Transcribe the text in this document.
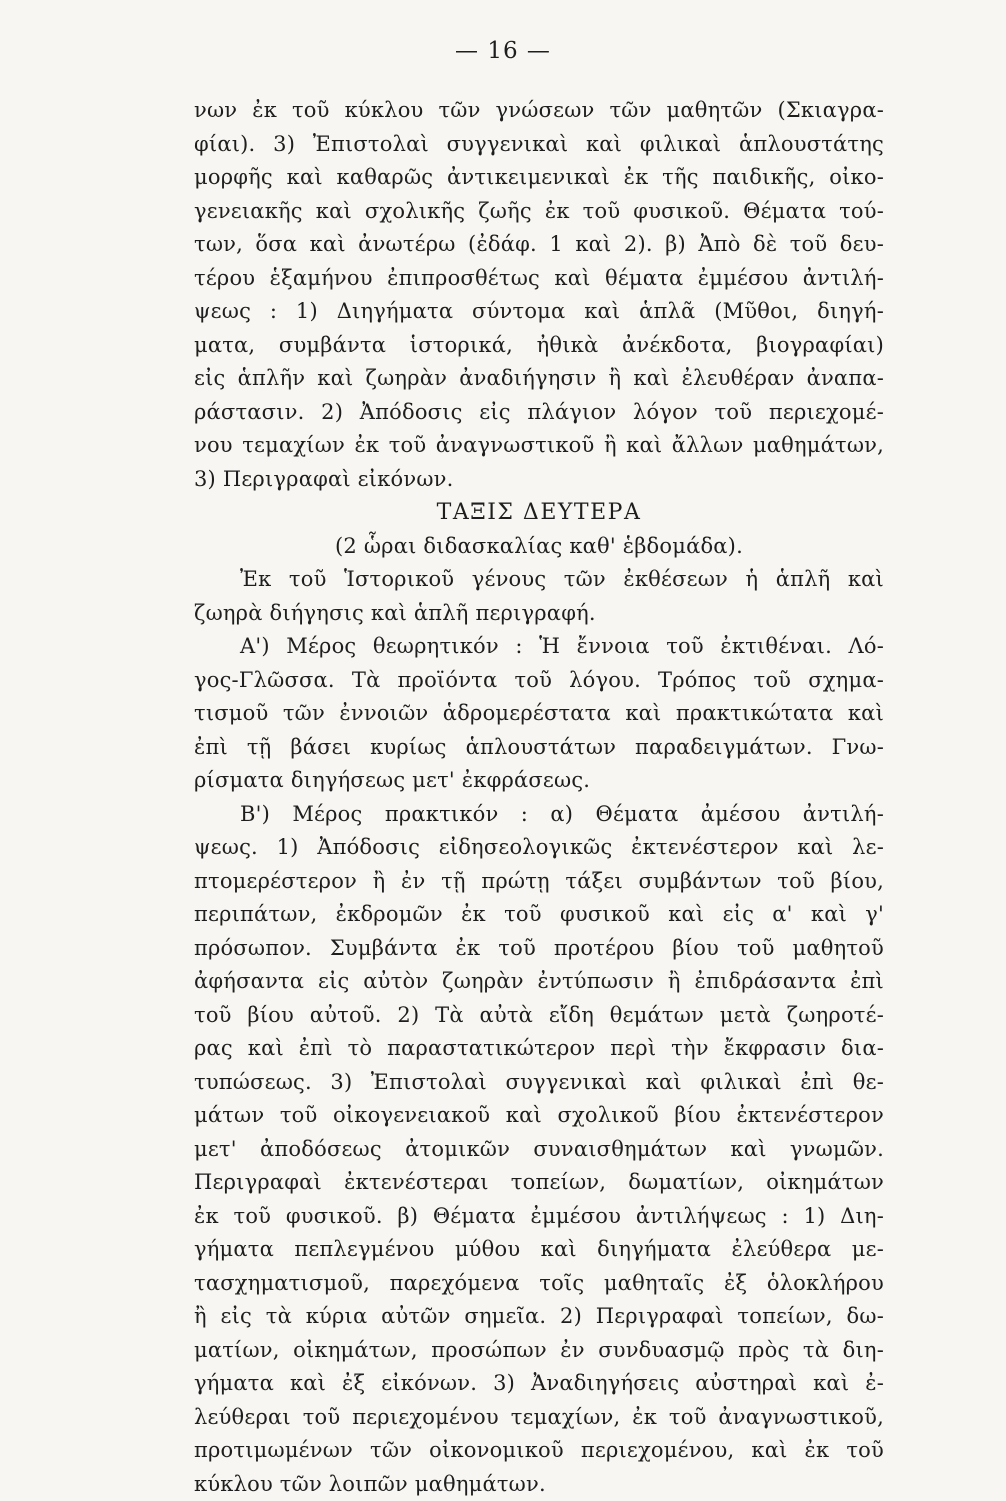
— 16 —
νων ἐκ τοῦ κύκλου τῶν γνώσεων τῶν μαθητῶν (Σκιαγρα-
φίαι). 3) Ἐπιστολαὶ συγγενικαὶ καὶ φιλικαὶ ἁπλουστάτης
μορφῆς καὶ καθαρῶς ἀντικειμενικαὶ ἐκ τῆς παιδικῆς, οἰκο-
γενειακῆς καὶ σχολικῆς ζωῆς ἐκ τοῦ φυσικοῦ. Θέματα τού-
των, ὅσα καὶ ἀνωτέρω (ἐδάφ. 1 καὶ 2). β) Ἀπὸ δὲ τοῦ δευ-
τέρου ἑξαμήνου ἐπιπροσθέτως καὶ θέματα ἐμμέσου ἀντιλή-
ψεως : 1) Διηγήματα σύντομα καὶ ἁπλᾶ (Μῦθοι, διηγή-
ματα, συμβάντα ἱστορικά, ἠθικὰ ἀνέκδοτα, βιογραφίαι)
εἰς ἁπλῆν καὶ ζωηρὰν ἀναδιήγησιν ἢ καὶ ἐλευθέραν ἀναπα-
ράστασιν. 2) Ἀπόδοσις εἰς πλάγιον λόγον τοῦ περιεχομέ-
νου τεμαχίων ἐκ τοῦ ἀναγνωστικοῦ ἢ καὶ ἄλλων μαθημάτων,
3) Περιγραφαὶ εἰκόνων.
ΤΑΞΙΣ ΔΕΥΤΕΡΑ
(2 ὧραι διδασκαλίας καθ' ἑβδομάδα).
Ἐκ τοῦ Ἱστορικοῦ γένους τῶν ἐκθέσεων ἡ ἁπλῆ καὶ
ζωηρὰ διήγησις καὶ ἁπλῆ περιγραφή.
Α') Μέρος θεωρητικόν : Ἡ ἔννοια τοῦ ἐκτιθέναι. Λό-
γος-Γλῶσσα. Τὰ προϊόντα τοῦ λόγου. Τρόπος τοῦ σχημα-
τισμοῦ τῶν ἐννοιῶν ἁδρομερέστατα καὶ πρακτικώτατα καὶ
ἐπὶ τῇ βάσει κυρίως ἁπλουστάτων παραδειγμάτων. Γνω-
ρίσματα διηγήσεως μετ' ἐκφράσεως.
Β') Μέρος πρακτικόν : α) Θέματα ἀμέσου ἀντιλή-
ψεως. 1) Ἀπόδοσις εἰδησεολογικῶς ἐκτενέστερον καὶ λε-
πτομερέστερον ἢ ἐν τῇ πρώτῃ τάξει συμβάντων τοῦ βίου,
περιπάτων, ἐκδρομῶν ἐκ τοῦ φυσικοῦ καὶ εἰς α' καὶ γ'
πρόσωπον. Συμβάντα ἐκ τοῦ προτέρου βίου τοῦ μαθητοῦ
ἀφήσαντα εἰς αὐτὸν ζωηρὰν ἐντύπωσιν ἢ ἐπιδράσαντα ἐπὶ
τοῦ βίου αὐτοῦ. 2) Τὰ αὐτὰ εἴδη θεμάτων μετὰ ζωηροτέ-
ρας καὶ ἐπὶ τὸ παραστατικώτερον περὶ τὴν ἔκφρασιν δια-
τυπώσεως. 3) Ἐπιστολαὶ συγγενικαὶ καὶ φιλικαὶ ἐπὶ θε-
μάτων τοῦ οἰκογενειακοῦ καὶ σχολικοῦ βίου ἐκτενέστερον
μετ' ἀποδόσεως ἀτομικῶν συναισθημάτων καὶ γνωμῶν.
Περιγραφαὶ ἐκτενέστεραι τοπείων, δωματίων, οἰκημάτων
ἐκ τοῦ φυσικοῦ. β) Θέματα ἐμμέσου ἀντιλήψεως : 1) Διη-
γήματα πεπλεγμένου μύθου καὶ διηγήματα ἐλεύθερα με-
τασχηματισμοῦ, παρεχόμενα τοῖς μαθηταῖς ἐξ ὁλοκλήρου
ἢ εἰς τὰ κύρια αὐτῶν σημεῖα. 2) Περιγραφαὶ τοπείων, δω-
ματίων, οἰκημάτων, προσώπων ἐν συνδυασμῷ πρὸς τὰ διη-
γήματα καὶ ἐξ εἰκόνων. 3) Ἀναδιηγήσεις αὐστηραὶ καὶ ἐ-
λεύθεραι τοῦ περιεχομένου τεμαχίων, ἐκ τοῦ ἀναγνωστικοῦ,
προτιμωμένων τῶν οἰκονομικοῦ περιεχομένου, καὶ ἐκ τοῦ
κύκλου τῶν λοιπῶν μαθημάτων.
